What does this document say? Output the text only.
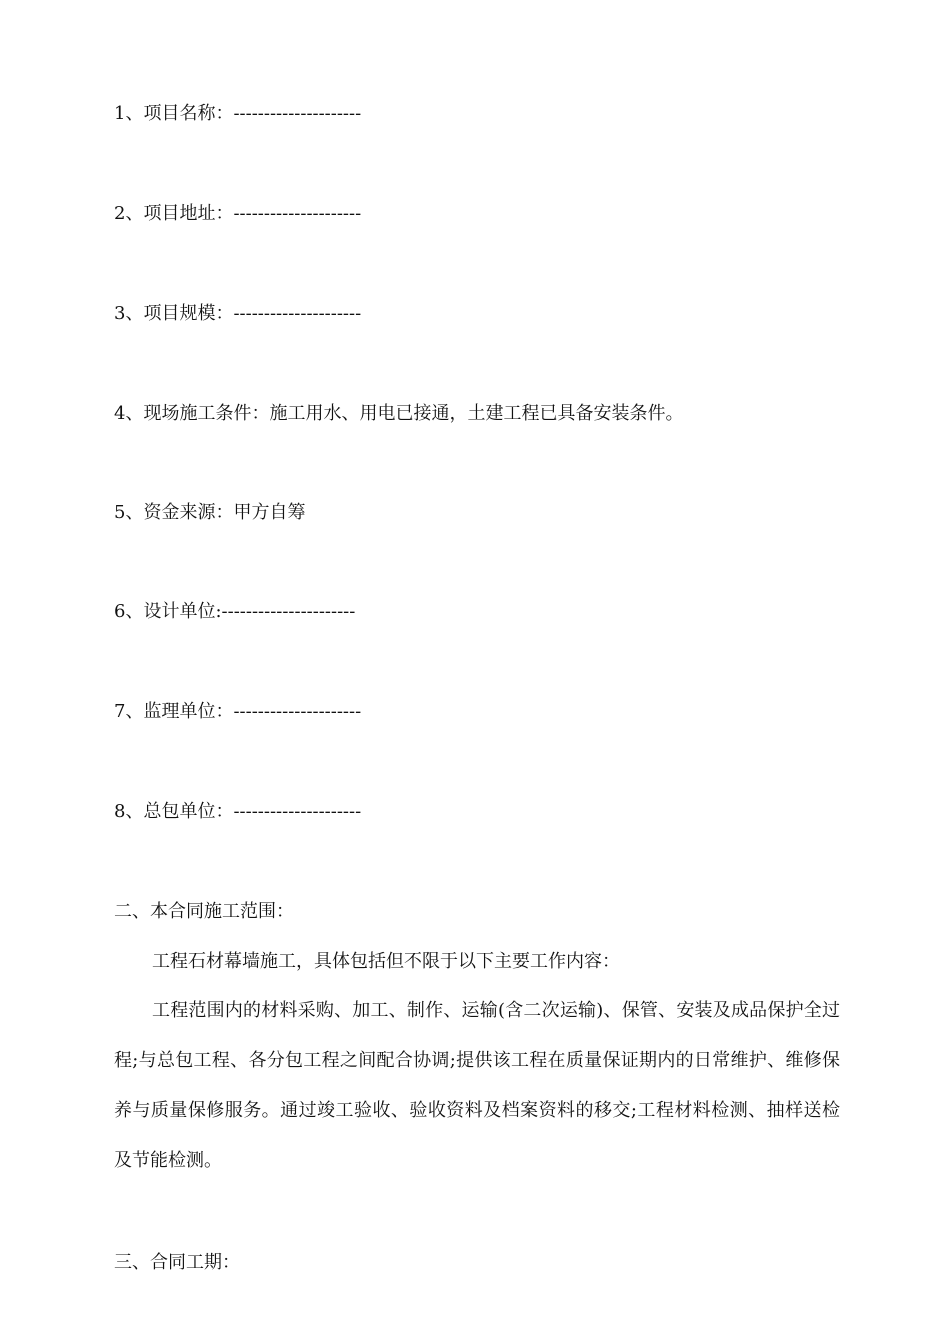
1、项目名称：---------------------
2、项目地址：---------------------
3、项目规模：---------------------
4、现场施工条件：施工用水、用电已接通，土建工程已具备安装条件。
5、资金来源：甲方自筹
6、设计单位:----------------------
7、监理单位：---------------------
8、总包单位：---------------------
二、本合同施工范围：
工程石材幕墙施工，具体包括但不限于以下主要工作内容：
工程范围内的材料采购、加工、制作、运输(含二次运输)、保管、安装及成品保护全过程;与总包工程、各分包工程之间配合协调;提供该工程在质量保证期内的日常维护、维修保养与质量保修服务。通过竣工验收、验收资料及档案资料的移交;工程材料检测、抽样送检及节能检测。
三、合同工期：
